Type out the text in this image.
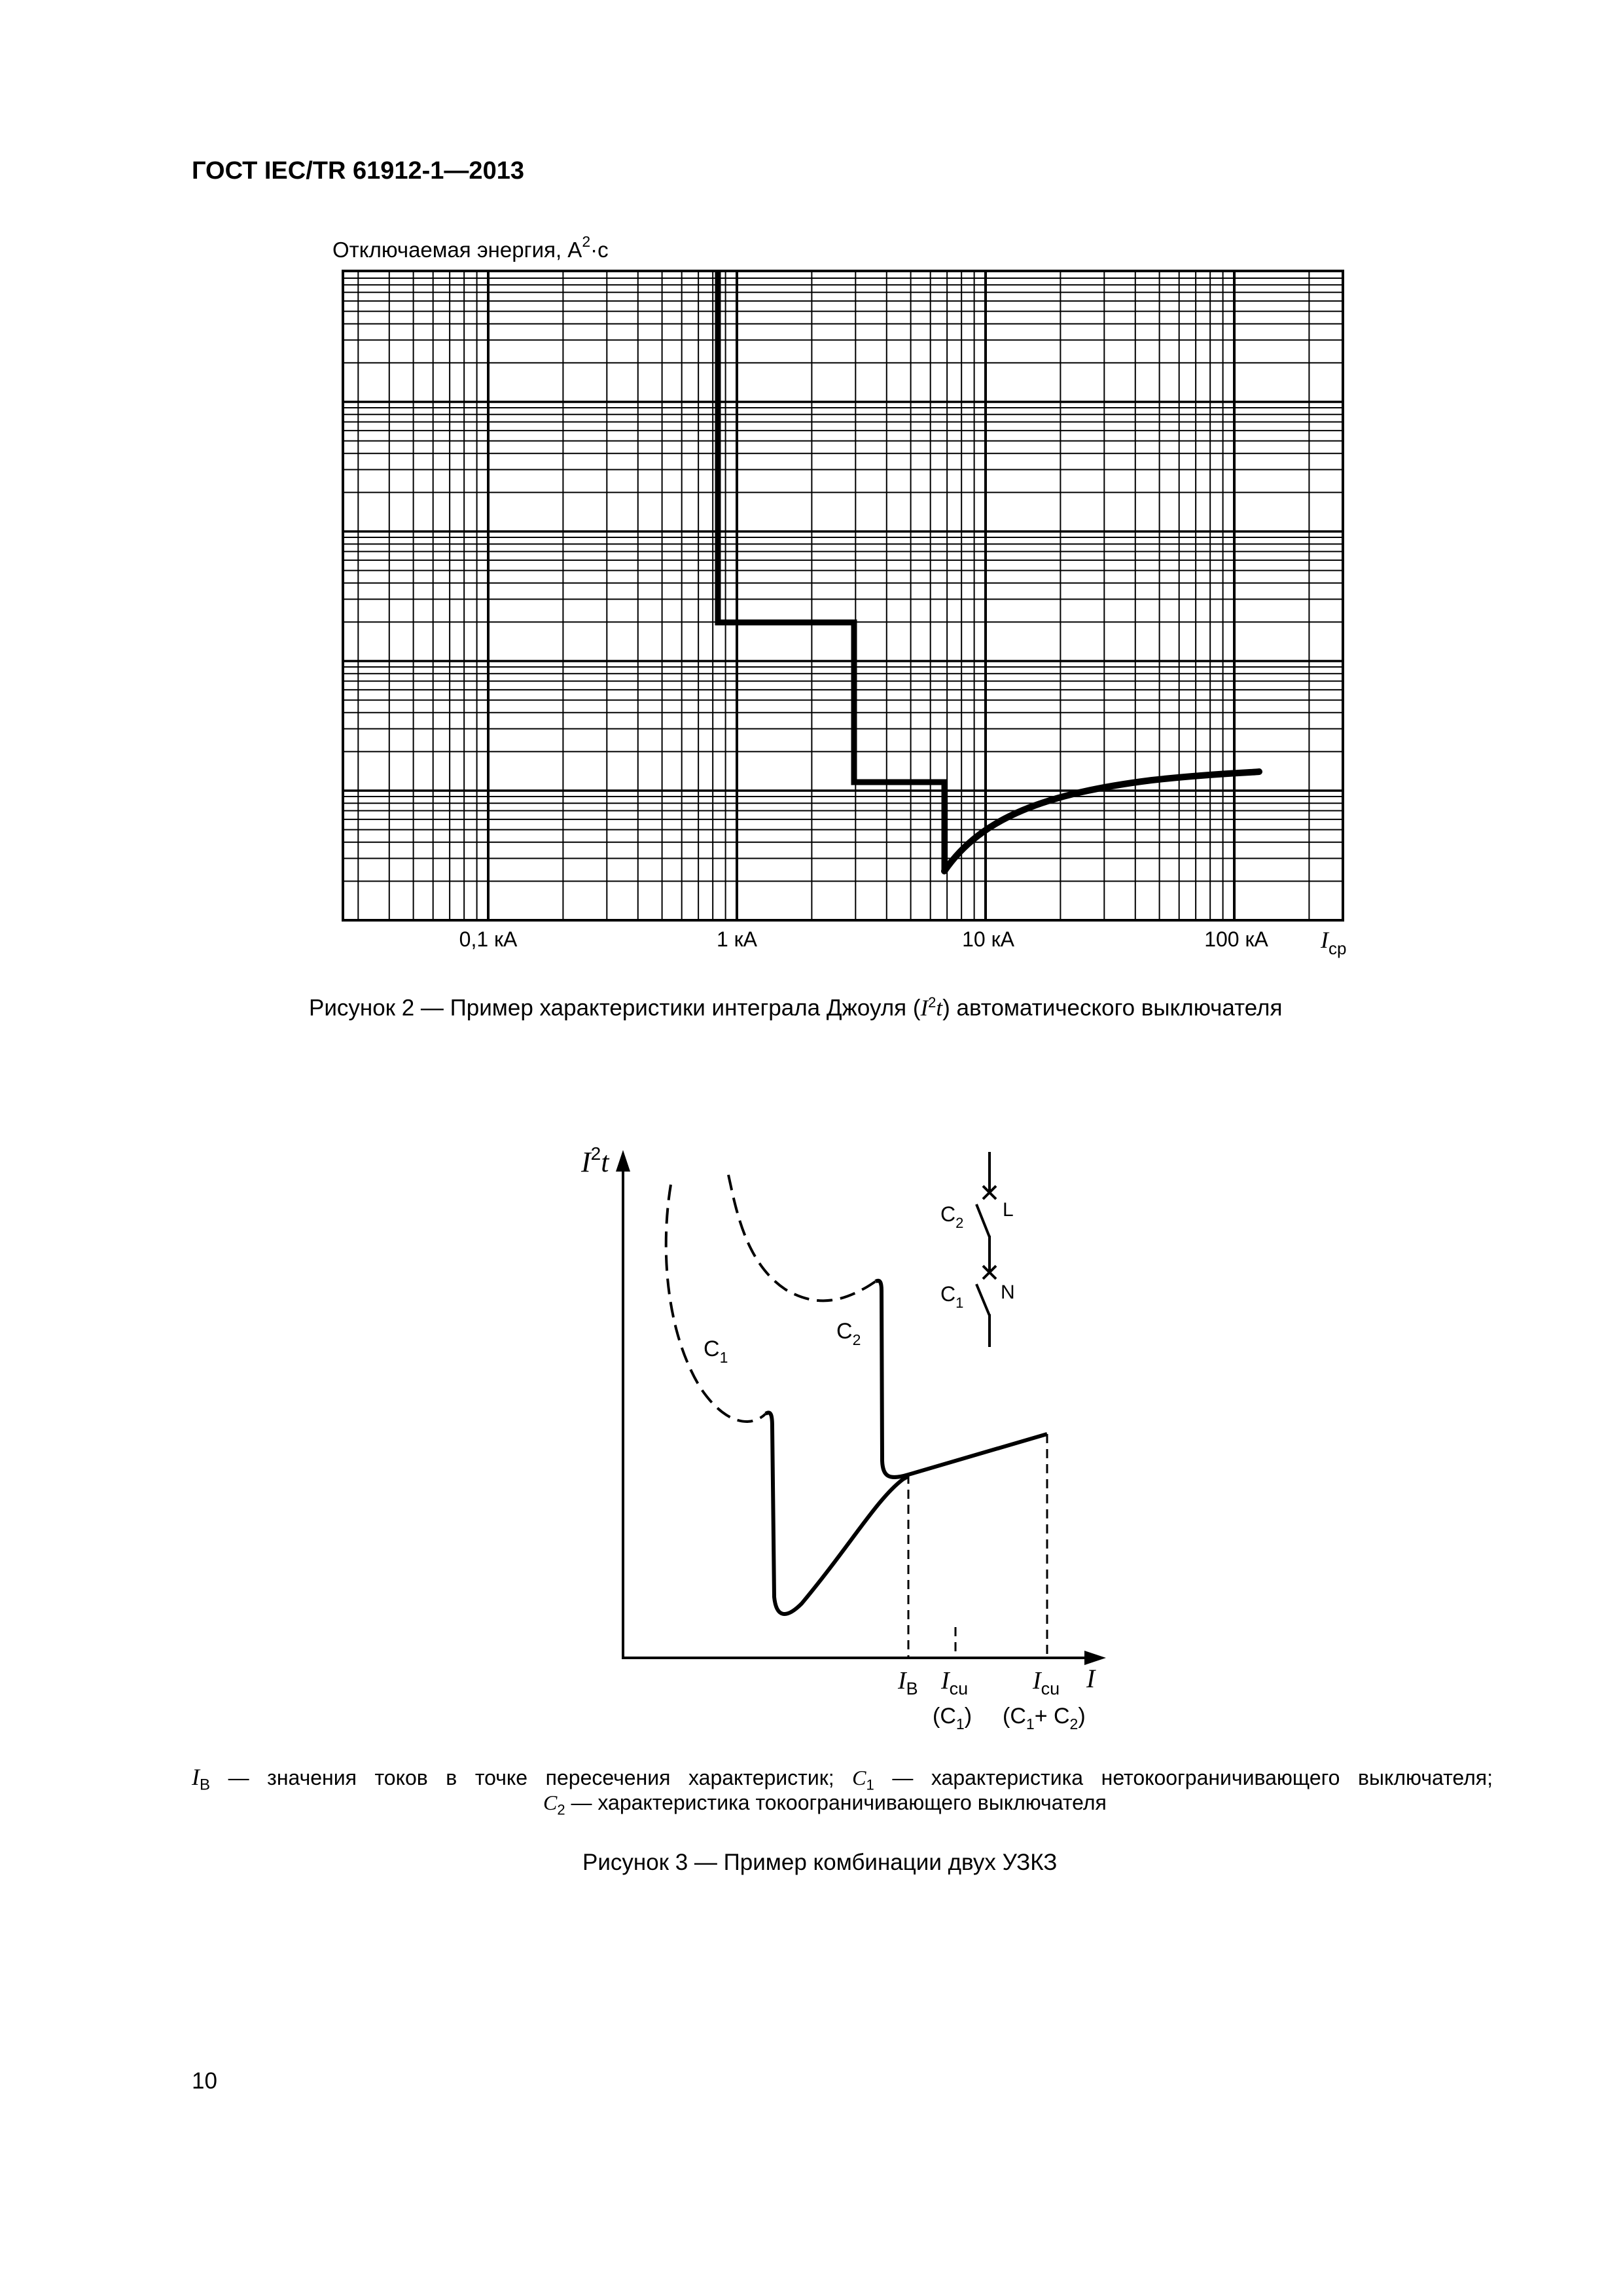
ГОСТ IEC/TR 61912-1—2013
Отключаемая энергия, $А^2\cdot с$
0,1 кА	1 кА	10 кА	100 кА $I_{ср}$
$I^2t$
$C_1$
$C_2$
$C_2$
L
$C_1$ N
$I_B$ $I_{cu}$	$I_{cu}$ I
$(C_1)$ $(C_1+ C_2)$
Рисунок 2 — Пример характеристики интеграла Джоуля $(I^2t)$ автоматического выключателя
$I_B$ — значения токов в точке пересечения характеристик; $C_1$ — характеристика нетокоограничивающего выключателя;
$C_2$ — характеристика токоограничивающего выключателя
Рисунок 3 — Пример комбинации двух УЗКЗ
10
